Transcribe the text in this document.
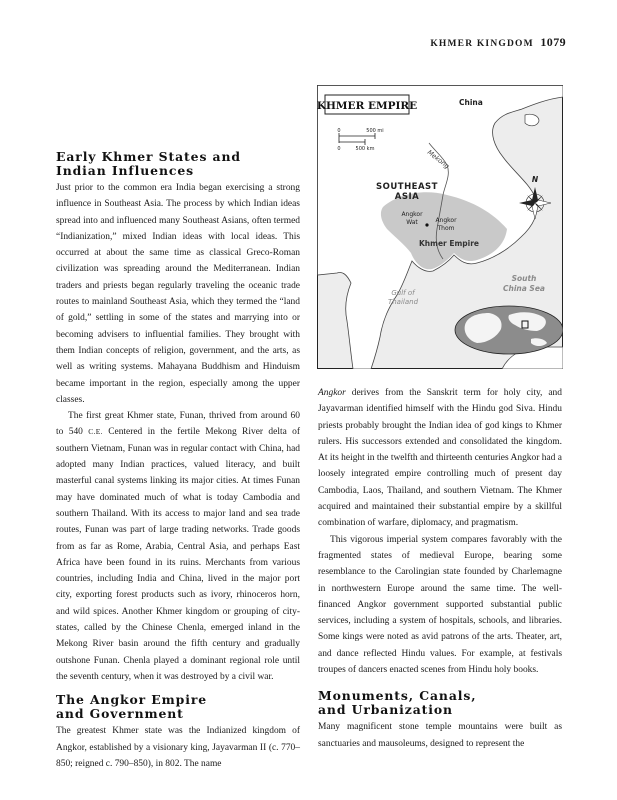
KHMER KINGDOM 1079
KHMER EMPIRE	China
0	500 mi
0	500 km	Mekong
SOUTHEAST
ASIA
Angkor
Wat	Angkor
Thom
Khmer Empire
South
China Sea
Gulf of
Thailand
N
Early Khmer States and
Indian Influences

Just prior to the common era India began exercising a strong influence in Southeast Asia. The process by which Indian ideas spread into and influenced many Southeast Asians, often termed “Indianization,” mixed Indian ideas with local ideas. This occurred at about the same time as classical Greco-Roman civilization was spreading around the Mediterranean. Indian traders and priests began regularly traveling the oceanic trade routes to mainland Southeast Asia, which they termed the “land of gold,” settling in some of the states and marrying into or becoming advisers to influential families. They brought with them Indian concepts of religion, government, and the arts, as well as writing systems. Mahayana Buddhism and Hinduism became important in the region, especially among the upper classes.

The first great Khmer state, Funan, thrived from around 60 to 540 C.E. Centered in the fertile Mekong River delta of southern Vietnam, Funan was in regular contact with China, had adopted many Indian practices, valued literacy, and built masterful canal systems linking its major cities. At times Funan may have dominated much of what is today Cambodia and southern Thailand. With its access to major land and sea trade routes, Funan was part of large trading networks. Trade goods from as far as Rome, Arabia, Central Asia, and perhaps East Africa have been found in its ruins. Merchants from various countries, including India and China, lived in the major port city, exporting forest products such as ivory, rhinoceros horn, and wild spices. Another Khmer kingdom or grouping of city-states, called by the Chinese Chenla, emerged inland in the Mekong River basin around the fifth century and gradually outshone Funan. Chenla played a dominant regional role until the seventh century, when it was destroyed by a civil war.

The Angkor Empire
and Government

The greatest Khmer state was the Indianized kingdom of Angkor, established by a visionary king, Jayavarman II (c. 770–850; reigned c. 790–850), in 802. The name

Angkor derives from the Sanskrit term for holy city, and Jayavarman identified himself with the Hindu god Siva. Hindu priests probably brought the Indian idea of god kings to Khmer rulers. His successors extended and consolidated the kingdom. At its height in the twelfth and thirteenth centuries Angkor had a loosely integrated empire controlling much of present day Cambodia, Laos, Thailand, and southern Vietnam. The Khmer acquired and maintained their substantial empire by a skillful combination of warfare, diplomacy, and pragmatism.

This vigorous imperial system compares favorably with the fragmented states of medieval Europe, bearing some resemblance to the Carolingian state founded by Charlemagne in northwestern Europe around the same time. The well-financed Angkor government supported substantial public services, including a system of hospitals, schools, and libraries. Some kings were noted as avid patrons of the arts. Theater, art, and dance reflected Hindu values. For example, at festivals troupes of dancers enacted scenes from Hindu holy books.

Monuments, Canals,
and Urbanization

Many magnificent stone temple mountains were built as sanctuaries and mausoleums, designed to represent the
